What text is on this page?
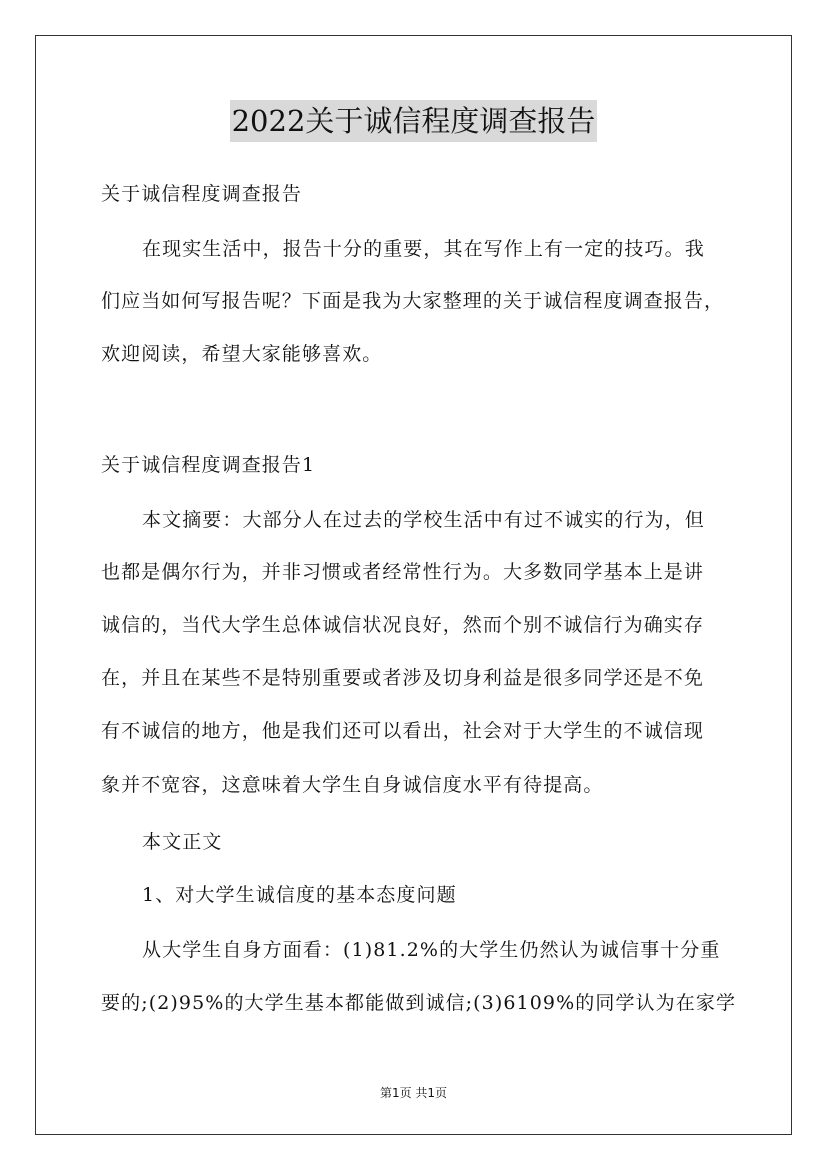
2022关于诚信程度调查报告
关于诚信程度调查报告
在现实生活中，报告十分的重要，其在写作上有一定的技巧。我
们应当如何写报告呢？下面是我为大家整理的关于诚信程度调查报告，
欢迎阅读，希望大家能够喜欢。
关于诚信程度调查报告1
本文摘要：大部分人在过去的学校生活中有过不诚实的行为，但
也都是偶尔行为，并非习惯或者经常性行为。大多数同学基本上是讲
诚信的，当代大学生总体诚信状况良好，然而个别不诚信行为确实存
在，并且在某些不是特别重要或者涉及切身利益是很多同学还是不免
有不诚信的地方，他是我们还可以看出，社会对于大学生的不诚信现
象并不宽容，这意味着大学生自身诚信度水平有待提高。
本文正文
1、对大学生诚信度的基本态度问题
从大学生自身方面看：(1)81.2%的大学生仍然认为诚信事十分重
要的;(2)95%的大学生基本都能做到诚信;(3)6109%的同学认为在家学
第1页 共1页
